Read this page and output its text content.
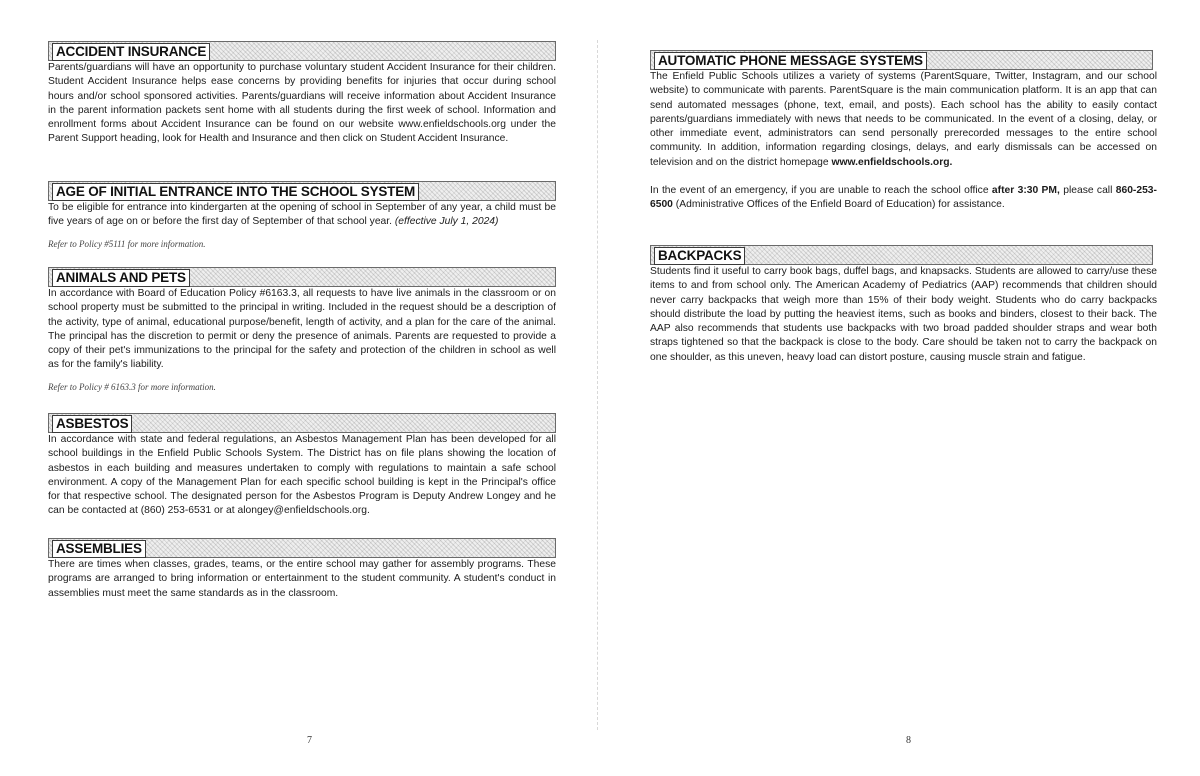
ACCIDENT INSURANCE

Parents/guardians will have an opportunity to purchase voluntary student Accident Insurance for their children. Student Accident Insurance helps ease concerns by providing benefits for injuries that occur during school hours and/or school sponsored activities. Parents/guardians will receive information about Accident Insurance in the parent information packets sent home with all students during the first week of school. Information and enrollment forms about Accident Insurance can be found on our website www.enfieldschools.org under the Parent Support heading, look for Health and Insurance and then click on Student Accident Insurance.

AGE OF INITIAL ENTRANCE INTO THE SCHOOL SYSTEM

To be eligible for entrance into kindergarten at the opening of school in September of any year, a child must be five years of age on or before the first day of September of that school year. (effective July 1, 2024)

Refer to Policy #5111 for more information.

ANIMALS AND PETS

In accordance with Board of Education Policy #6163.3, all requests to have live animals in the classroom or on school property must be submitted to the principal in writing. Included in the request should be a description of the activity, type of animal, educational purpose/benefit, length of activity, and a plan for the care of the animal. The principal has the discretion to permit or deny the presence of animals. Parents are requested to provide a copy of their pet's immunizations to the principal for the safety and protection of the children in school as well as for the family's liability.

Refer to Policy # 6163.3 for more information.

ASBESTOS

In accordance with state and federal regulations, an Asbestos Management Plan has been developed for all school buildings in the Enfield Public Schools System. The District has on file plans showing the location of asbestos in each building and measures undertaken to comply with regulations to maintain a safe school environment. A copy of the Management Plan for each specific school building is kept in the Principal's office for that respective school. The designated person for the Asbestos Program is Deputy Andrew Longey and he can be contacted at (860) 253-6531 or at alongey@enfieldschools.org.

ASSEMBLIES

There are times when classes, grades, teams, or the entire school may gather for assembly programs. These programs are arranged to bring information or entertainment to the student community. A student's conduct in assemblies must meet the same standards as in the classroom.

7
AUTOMATIC PHONE MESSAGE SYSTEMS

The Enfield Public Schools utilizes a variety of systems (ParentSquare, Twitter, Instagram, and our school website) to communicate with parents. ParentSquare is the main communication platform. It is an app that can send automated messages (phone, text, email, and posts). Each school has the ability to easily contact parents/guardians immediately with news that needs to be communicated. In the event of a closing, delay, or other immediate event, administrators can send personally prerecorded messages to the entire school community. In addition, information regarding closings, delays, and early dismissals can be accessed on television and on the district homepage www.enfieldschools.org.

In the event of an emergency, if you are unable to reach the school office after 3:30 PM, please call 860-253-6500 (Administrative Offices of the Enfield Board of Education) for assistance.

BACKPACKS

Students find it useful to carry book bags, duffel bags, and knapsacks. Students are allowed to carry/use these items to and from school only. The American Academy of Pediatrics (AAP) recommends that children should never carry backpacks that weigh more than 15% of their body weight. Students who do carry backpacks should distribute the load by putting the heaviest items, such as books and binders, closest to their back. The AAP also recommends that students use backpacks with two broad padded shoulder straps and wear both straps tightened so that the backpack is close to the body. Care should be taken not to carry the backpack on one shoulder, as this uneven, heavy load can distort posture, causing muscle strain and fatigue.

8
